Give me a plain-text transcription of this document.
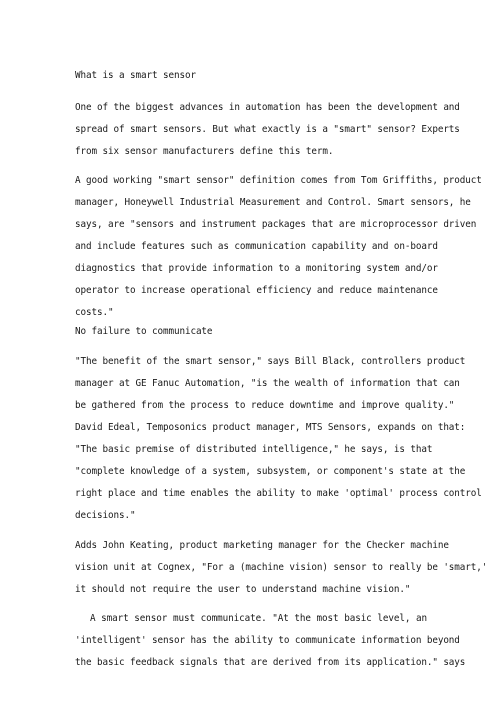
What is a smart sensor
One of the biggest advances in automation has been the development and
spread of smart sensors. But what exactly is a "smart" sensor? Experts
from six sensor manufacturers define this term.
A good working "smart sensor" definition comes from Tom Griffiths, product
manager, Honeywell Industrial Measurement and Control. Smart sensors, he
says, are "sensors and instrument packages that are microprocessor driven
and include features such as communication capability and on-board
diagnostics that provide information to a monitoring system and/or
operator to increase operational efficiency and reduce maintenance
costs."
No failure to communicate
"The benefit of the smart sensor," says Bill Black, controllers product
manager at GE Fanuc Automation, "is the wealth of information that can
be gathered from the process to reduce downtime and improve quality."
David Edeal, Temposonics product manager, MTS Sensors, expands on that:
"The basic premise of distributed intelligence," he says, is that
"complete knowledge of a system, subsystem, or component's state at the
right place and time enables the ability to make 'optimal' process control
decisions."
Adds John Keating, product marketing manager for the Checker machine
vision unit at Cognex, "For a (machine vision) sensor to really be 'smart,'
it should not require the user to understand machine vision."
A smart sensor must communicate. "At the most basic level, an
'intelligent' sensor has the ability to communicate information beyond
the basic feedback signals that are derived from its application." says
